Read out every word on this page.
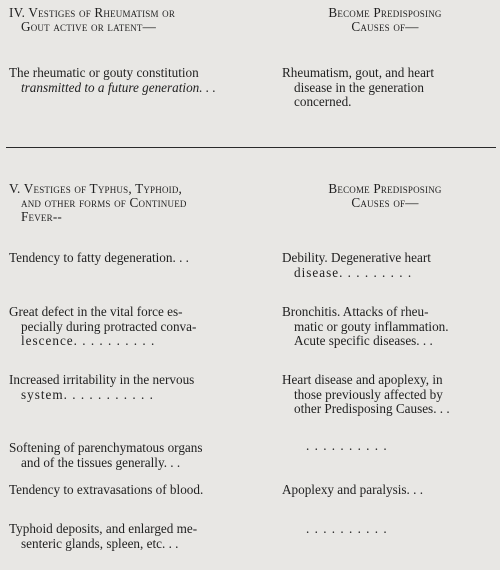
IV. Vestiges of Rheumatism or
Gout active or latent—
Become Predisposing
Causes of—
The rheumatic or gouty constitution
transmitted to a future generation. . .
Rheumatism, gout, and heart
disease in the generation
concerned.
V. Vestiges of Typhus, Typhoid,
and other forms of Continued
Fever--
Become Predisposing
Causes of—
Tendency to fatty degeneration. . .	Debility. Degenerative heart
disease. . . . . . . . .
Great defect in the vital force es-
pecially during protracted conva-
lescence. . . . . . . . . .
Bronchitis. Attacks of rheu-
matic or gouty inflammation.
Acute specific diseases. . .
Increased irritability in the nervous
system. . . . . . . . . . .
Heart disease and apoplexy, in
those previously affected by
other Predisposing Causes. . .
Softening of parenchymatous organs
and of the tissues generally. . .
. . . . . . . . . .
Tendency to extravasations of blood.	Apoplexy and paralysis. . .
Typhoid deposits, and enlarged me-
senteric glands, spleen, etc. . .
. . . . . . . . . .
